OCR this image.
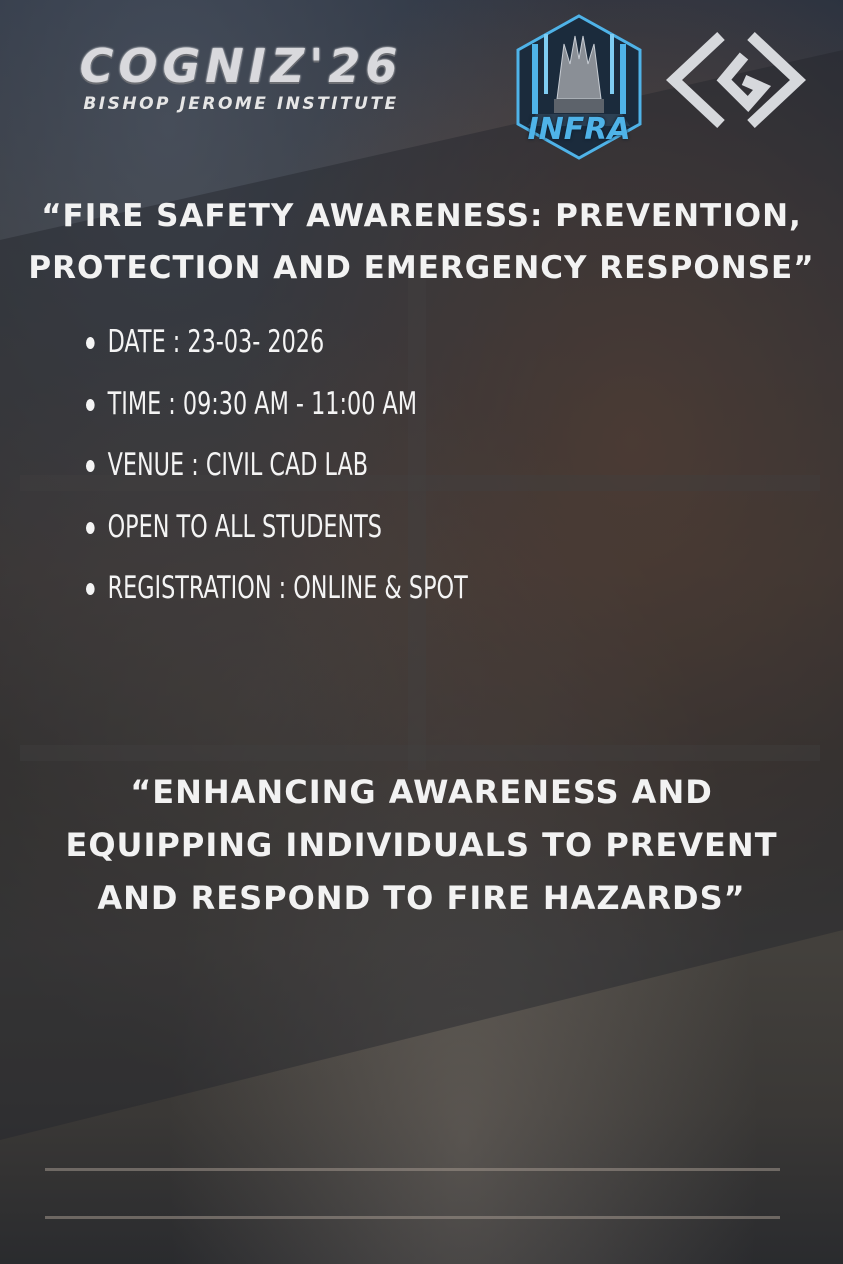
COGNIZ'26
BISHOP JEROME INSTITUTE
INFRA
“FIRE SAFETY AWARENESS: PREVENTION,
PROTECTION AND EMERGENCY RESPONSE”
DATE : 23-03- 2026
TIME : 09:30 AM - 11:00 AM
VENUE : CIVIL CAD LAB
OPEN TO ALL STUDENTS
REGISTRATION : ONLINE & SPOT
“ENHANCING AWARENESS AND
EQUIPPING INDIVIDUALS TO PREVENT
AND RESPOND TO FIRE HAZARDS”
